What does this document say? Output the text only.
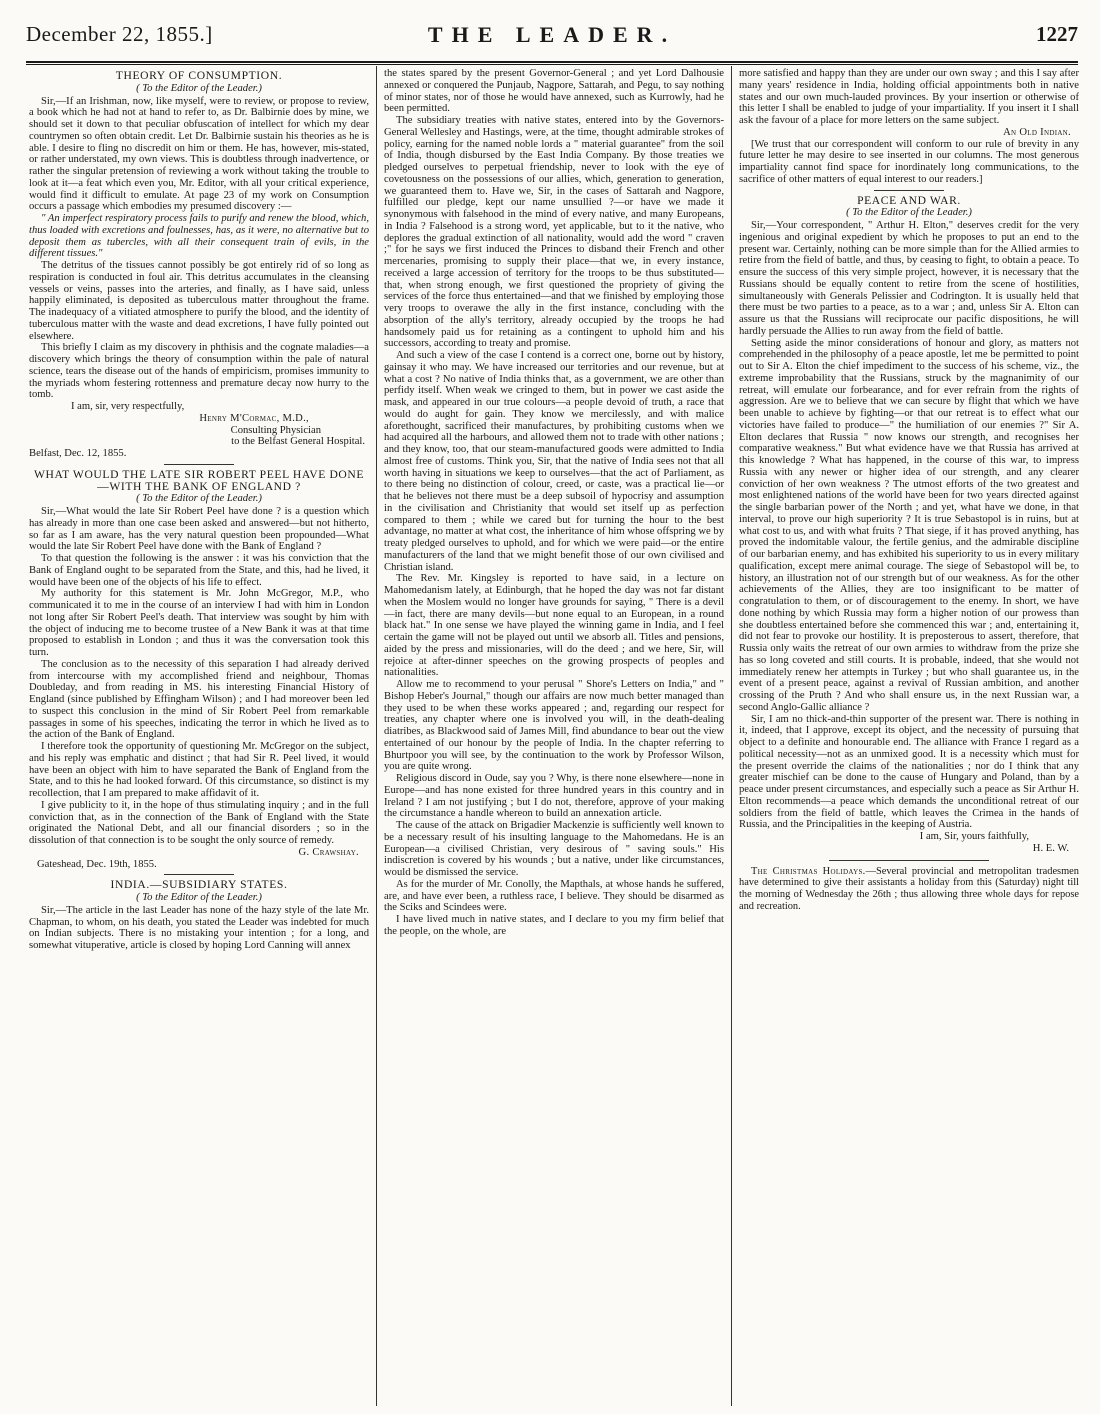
December 22, 1855.]	THE LEADER.	1227

THEORY OF CONSUMPTION.

( To the Editor of the Leader.)

Sir,—If an Irishman, now, like myself, were to review, or propose to review, a book which he had not at hand to refer to, as Dr. Balbirnie does by mine, we should set it down to that peculiar obfuscation of intellect for which my dear countrymen so often obtain credit. Let Dr. Balbirnie sustain his theories as he is able. I desire to fling no discredit on him or them. He has, however, mis-stated, or rather understated, my own views. This is doubtless through inadvertence, or rather the singular pretension of reviewing a work without taking the trouble to look at it—a feat which even you, Mr. Editor, with all your critical experience, would find it difficult to emulate. At page 23 of my work on Consumption occurs a passage which embodies my presumed discovery :—

" An imperfect respiratory process fails to purify and renew the blood, which, thus loaded with excretions and foulnesses, has, as it were, no alternative but to deposit them as tubercles, with all their consequent train of evils, in the different tissues."

The detritus of the tissues cannot possibly be got entirely rid of so long as respiration is conducted in foul air. This detritus accumulates in the cleansing vessels or veins, passes into the arteries, and finally, as I have said, unless happily eliminated, is deposited as tuberculous matter throughout the frame. The inadequacy of a vitiated atmosphere to purify the blood, and the identity of tuberculous matter with the waste and dead excretions, I have fully pointed out elsewhere.

This briefly I claim as my discovery in phthisis and the cognate maladies—a discovery which brings the theory of consumption within the pale of natural science, tears the disease out of the hands of empiricism, promises immunity to the myriads whom festering rottenness and premature decay now hurry to the tomb.

I am, sir, very respectfully,

Henry M'Cormac, M.D.,

Consulting Physician

to the Belfast General Hospital.

Belfast, Dec. 12, 1855.

WHAT WOULD THE LATE SIR ROBERT PEEL HAVE DONE—WITH THE BANK OF ENGLAND ?

( To the Editor of the Leader.)

Sir,—What would the late Sir Robert Peel have done ? is a question which has already in more than one case been asked and answered—but not hitherto, so far as I am aware, has the very natural question been propounded—What would the late Sir Robert Peel have done with the Bank of England ?

To that question the following is the answer : it was his conviction that the Bank of England ought to be separated from the State, and this, had he lived, it would have been one of the objects of his life to effect.

My authority for this statement is Mr. John McGregor, M.P., who communicated it to me in the course of an interview I had with him in London not long after Sir Robert Peel's death. That interview was sought by him with the object of inducing me to become trustee of a New Bank it was at that time proposed to establish in London ; and thus it was the conversation took this turn.

The conclusion as to the necessity of this separation I had already derived from intercourse with my accomplished friend and neighbour, Thomas Doubleday, and from reading in MS. his interesting Financial History of England (since published by Effingham Wilson) ; and I had moreover been led to suspect this conclusion in the mind of Sir Robert Peel from remarkable passages in some of his speeches, indicating the terror in which he lived as to the action of the Bank of England.

I therefore took the opportunity of questioning Mr. McGregor on the subject, and his reply was emphatic and distinct ; that had Sir R. Peel lived, it would have been an object with him to have separated the Bank of England from the State, and to this he had looked forward. Of this circumstance, so distinct is my recollection, that I am prepared to make affidavit of it.

I give publicity to it, in the hope of thus stimulating inquiry ; and in the full conviction that, as in the connection of the Bank of England with the State originated the National Debt, and all our financial disorders ; so in the dissolution of that connection is to be sought the only source of remedy.

G. Crawshay.

Gateshead, Dec. 19th, 1855.

INDIA.—SUBSIDIARY STATES.

( To the Editor of the Leader.)

Sir,—The article in the last Leader has none of the hazy style of the late Mr. Chapman, to whom, on his death, you stated the Leader was indebted for much on Indian subjects. There is no mistaking your intention ; for a long, and somewhat vituperative, article is closed by hoping Lord Canning will annex

the states spared by the present Governor-General ; and yet Lord Dalhousie annexed or conquered the Punjaub, Nagpore, Sattarah, and Pegu, to say nothing of minor states, nor of those he would have annexed, such as Kurrowly, had he been permitted.

The subsidiary treaties with native states, entered into by the Governors-General Wellesley and Hastings, were, at the time, thought admirable strokes of policy, earning for the named noble lords a " material guarantee" from the soil of India, though disbursed by the East India Company. By those treaties we pledged ourselves to perpetual friendship, never to look with the eye of covetousness on the possessions of our allies, which, generation to generation, we guaranteed them to. Have we, Sir, in the cases of Sattarah and Nagpore, fulfilled our pledge, kept our name unsullied ?—or have we made it synonymous with falsehood in the mind of every native, and many Europeans, in India ? Falsehood is a strong word, yet applicable, but to it the native, who deplores the gradual extinction of all nationality, would add the word " craven ;" for he says we first induced the Princes to disband their French and other mercenaries, promising to supply their place—that we, in every instance, received a large accession of territory for the troops to be thus substituted—that, when strong enough, we first questioned the propriety of giving the services of the force thus entertained—and that we finished by employing those very troops to overawe the ally in the first instance, concluding with the absorption of the ally's territory, already occupied by the troops he had handsomely paid us for retaining as a contingent to uphold him and his successors, according to treaty and promise.

And such a view of the case I contend is a correct one, borne out by history, gainsay it who may. We have increased our territories and our revenue, but at what a cost ? No native of India thinks that, as a government, we are other than perfidy itself. When weak we cringed to them, but in power we cast aside the mask, and appeared in our true colours—a people devoid of truth, a race that would do aught for gain. They know we mercilessly, and with malice aforethought, sacrificed their manufactures, by prohibiting customs when we had acquired all the harbours, and allowed them not to trade with other nations ; and they know, too, that our steam-manufactured goods were admitted to India almost free of customs. Think you, Sir, that the native of India sees not that all worth having in situations we keep to ourselves—that the act of Parliament, as to there being no distinction of colour, creed, or caste, was a practical lie—or that he believes not there must be a deep subsoil of hypocrisy and assumption in the civilisation and Christianity that would set itself up as perfection compared to them ; while we cared but for turning the hour to the best advantage, no matter at what cost, the inheritance of him whose offspring we by treaty pledged ourselves to uphold, and for which we were paid—or the entire manufacturers of the land that we might benefit those of our own civilised and Christian island.

The Rev. Mr. Kingsley is reported to have said, in a lecture on Mahomedanism lately, at Edinburgh, that he hoped the day was not far distant when the Moslem would no longer have grounds for saying, " There is a devil—in fact, there are many devils—but none equal to an European, in a round black hat." In one sense we have played the winning game in India, and I feel certain the game will not be played out until we absorb all. Titles and pensions, aided by the press and missionaries, will do the deed ; and we here, Sir, will rejoice at after-dinner speeches on the growing prospects of peoples and nationalities.

Allow me to recommend to your perusal " Shore's Letters on India," and " Bishop Heber's Journal," though our affairs are now much better managed than they used to be when these works appeared ; and, regarding our respect for treaties, any chapter where one is involved you will, in the death-dealing diatribes, as Blackwood said of James Mill, find abundance to bear out the view entertained of our honour by the people of India. In the chapter referring to Bhurtpoor you will see, by the continuation to the work by Professor Wilson, you are quite wrong.

Religious discord in Oude, say you ? Why, is there none elsewhere—none in Europe—and has none existed for three hundred years in this country and in Ireland ? I am not justifying ; but I do not, therefore, approve of your making the circumstance a handle whereon to build an annexation article.

The cause of the attack on Brigadier Mackenzie is sufficiently well known to be a necessary result of his insulting language to the Mahomedans. He is an European—a civilised Christian, very desirous of " saving souls." His indiscretion is covered by his wounds ; but a native, under like circumstances, would be dismissed the service.

As for the murder of Mr. Conolly, the Mapthals, at whose hands he suffered, are, and have ever been, a ruthless race, I believe. They should be disarmed as the Sciks and Scindees were.

I have lived much in native states, and I declare to you my firm belief that the people, on the whole, are

more satisfied and happy than they are under our own sway ; and this I say after many years' residence in India, holding official appointments both in native states and our own much-lauded provinces. By your insertion or otherwise of this letter I shall be enabled to judge of your impartiality. If you insert it I shall ask the favour of a place for more letters on the same subject.

An Old Indian.

[We trust that our correspondent will conform to our rule of brevity in any future letter he may desire to see inserted in our columns. The most generous impartiality cannot find space for inordinately long communications, to the sacrifice of other matters of equal interest to our readers.]

PEACE AND WAR.

( To the Editor of the Leader.)

Sir,—Your correspondent, " Arthur H. Elton," deserves credit for the very ingenious and original expedient by which he proposes to put an end to the present war. Certainly, nothing can be more simple than for the Allied armies to retire from the field of battle, and thus, by ceasing to fight, to obtain a peace. To ensure the success of this very simple project, however, it is necessary that the Russians should be equally content to retire from the scene of hostilities, simultaneously with Generals Pelissier and Codrington. It is usually held that there must be two parties to a peace, as to a war ; and, unless Sir A. Elton can assure us that the Russians will reciprocate our pacific dispositions, he will hardly persuade the Allies to run away from the field of battle.

Setting aside the minor considerations of honour and glory, as matters not comprehended in the philosophy of a peace apostle, let me be permitted to point out to Sir A. Elton the chief impediment to the success of his scheme, viz., the extreme improbability that the Russians, struck by the magnanimity of our retreat, will emulate our forbearance, and for ever refrain from the rights of aggression. Are we to believe that we can secure by flight that which we have been unable to achieve by fighting—or that our retreat is to effect what our victories have failed to produce—" the humiliation of our enemies ?" Sir A. Elton declares that Russia " now knows our strength, and recognises her comparative weakness." But what evidence have we that Russia has arrived at this knowledge ? What has happened, in the course of this war, to impress Russia with any newer or higher idea of our strength, and any clearer conviction of her own weakness ? The utmost efforts of the two greatest and most enlightened nations of the world have been for two years directed against the single barbarian power of the North ; and yet, what have we done, in that interval, to prove our high superiority ? It is true Sebastopol is in ruins, but at what cost to us, and with what fruits ? That siege, if it has proved anything, has proved the indomitable valour, the fertile genius, and the admirable discipline of our barbarian enemy, and has exhibited his superiority to us in every military qualification, except mere animal courage. The siege of Sebastopol will be, to history, an illustration not of our strength but of our weakness. As for the other achievements of the Allies, they are too insignificant to be matter of congratulation to them, or of discouragement to the enemy. In short, we have done nothing by which Russia may form a higher notion of our prowess than she doubtless entertained before she commenced this war ; and, entertaining it, did not fear to provoke our hostility. It is preposterous to assert, therefore, that Russia only waits the retreat of our own armies to withdraw from the prize she has so long coveted and still courts. It is probable, indeed, that she would not immediately renew her attempts in Turkey ; but who shall guarantee us, in the event of a present peace, against a revival of Russian ambition, and another crossing of the Pruth ? And who shall ensure us, in the next Russian war, a second Anglo-Gallic alliance ?

Sir, I am no thick-and-thin supporter of the present war. There is nothing in it, indeed, that I approve, except its object, and the necessity of pursuing that object to a definite and honourable end. The alliance with France I regard as a political necessity—not as an unmixed good. It is a necessity which must for the present override the claims of the nationalities ; nor do I think that any greater mischief can be done to the cause of Hungary and Poland, than by a peace under present circumstances, and especially such a peace as Sir Arthur H. Elton recommends—a peace which demands the unconditional retreat of our soldiers from the field of battle, which leaves the Crimea in the hands of Russia, and the Principalities in the keeping of Austria.

I am, Sir, yours faithfully,

H. E. W.

The Christmas Holidays.—Several provincial and metropolitan tradesmen have determined to give their assistants a holiday from this (Saturday) night till the morning of Wednesday the 26th ; thus allowing three whole days for repose and recreation.
